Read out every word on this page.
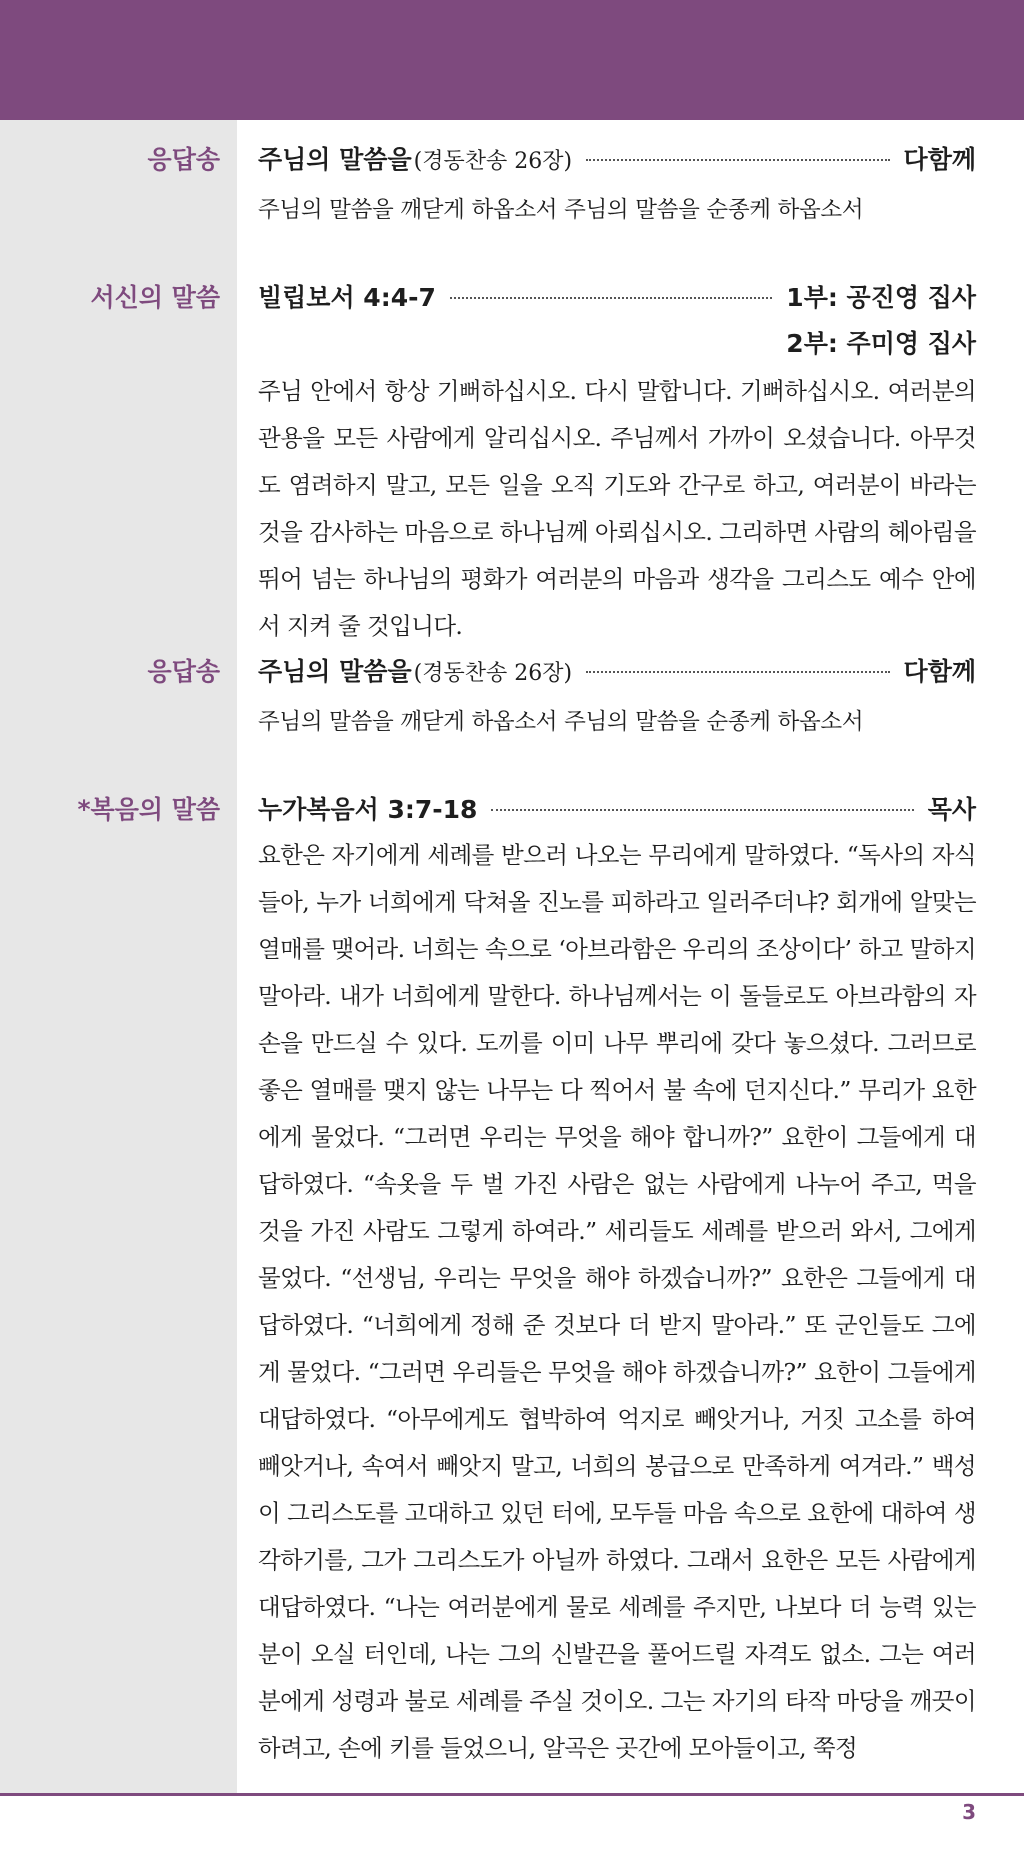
응답송 주님의 말씀을 (경동찬송 26장)	다함께

주님의 말씀을 깨닫게 하옵소서 주님의 말씀을 순종케 하옵소서

서신의 말씀 빌립보서 4:4-7	1부: 공진영 집사
2부: 주미영 집사

주님 안에서 항상 기뻐하십시오. 다시 말합니다. 기뻐하십시오. 여러분의 관용을 모든 사람에게 알리십시오. 주님께서 가까이 오셨습니다. 아무것도 염려하지 말고, 모든 일을 오직 기도와 간구로 하고, 여러분이 바라는 것을 감사하는 마음으로 하나님께 아뢰십시오. 그리하면 사람의 헤아림을 뛰어 넘는 하나님의 평화가 여러분의 마음과 생각을 그리스도 예수 안에서 지켜 줄 것입니다.

응답송 주님의 말씀을 (경동찬송 26장)	다함께

주님의 말씀을 깨닫게 하옵소서 주님의 말씀을 순종케 하옵소서

*복음의 말씀 누가복음서 3:7-18	목사

요한은 자기에게 세례를 받으러 나오는 무리에게 말하였다. “독사의 자식들아, 누가 너희에게 닥쳐올 진노를 피하라고 일러주더냐? 회개에 알맞는 열매를 맺어라. 너희는 속으로 ‘아브라함은 우리의 조상이다’ 하고 말하지 말아라. 내가 너희에게 말한다. 하나님께서는 이 돌들로도 아브라함의 자손을 만드실 수 있다. 도끼를 이미 나무 뿌리에 갖다 놓으셨다. 그러므로 좋은 열매를 맺지 않는 나무는 다 찍어서 불 속에 던지신다.” 무리가 요한에게 물었다. “그러면 우리는 무엇을 해야 합니까?” 요한이 그들에게 대답하였다. “속옷을 두 벌 가진 사람은 없는 사람에게 나누어 주고, 먹을 것을 가진 사람도 그렇게 하여라.” 세리들도 세례를 받으러 와서, 그에게 물었다. “선생님, 우리는 무엇을 해야 하겠습니까?” 요한은 그들에게 대답하였다. “너희에게 정해 준 것보다 더 받지 말아라.” 또 군인들도 그에게 물었다. “그러면 우리들은 무엇을 해야 하겠습니까?” 요한이 그들에게 대답하였다. “아무에게도 협박하여 억지로 빼앗거나, 거짓 고소를 하여 빼앗거나, 속여서 빼앗지 말고, 너희의 봉급으로 만족하게 여겨라.” 백성이 그리스도를 고대하고 있던 터에, 모두들 마음 속으로 요한에 대하여 생각하기를, 그가 그리스도가 아닐까 하였다. 그래서 요한은 모든 사람에게 대답하였다. “나는 여러분에게 물로 세례를 주지만, 나보다 더 능력 있는 분이 오실 터인데, 나는 그의 신발끈을 풀어드릴 자격도 없소. 그는 여러분에게 성령과 불로 세례를 주실 것이오. 그는 자기의 타작 마당을 깨끗이 하려고, 손에 키를 들었으니, 알곡은 곳간에 모아들이고, 쭉정

3
